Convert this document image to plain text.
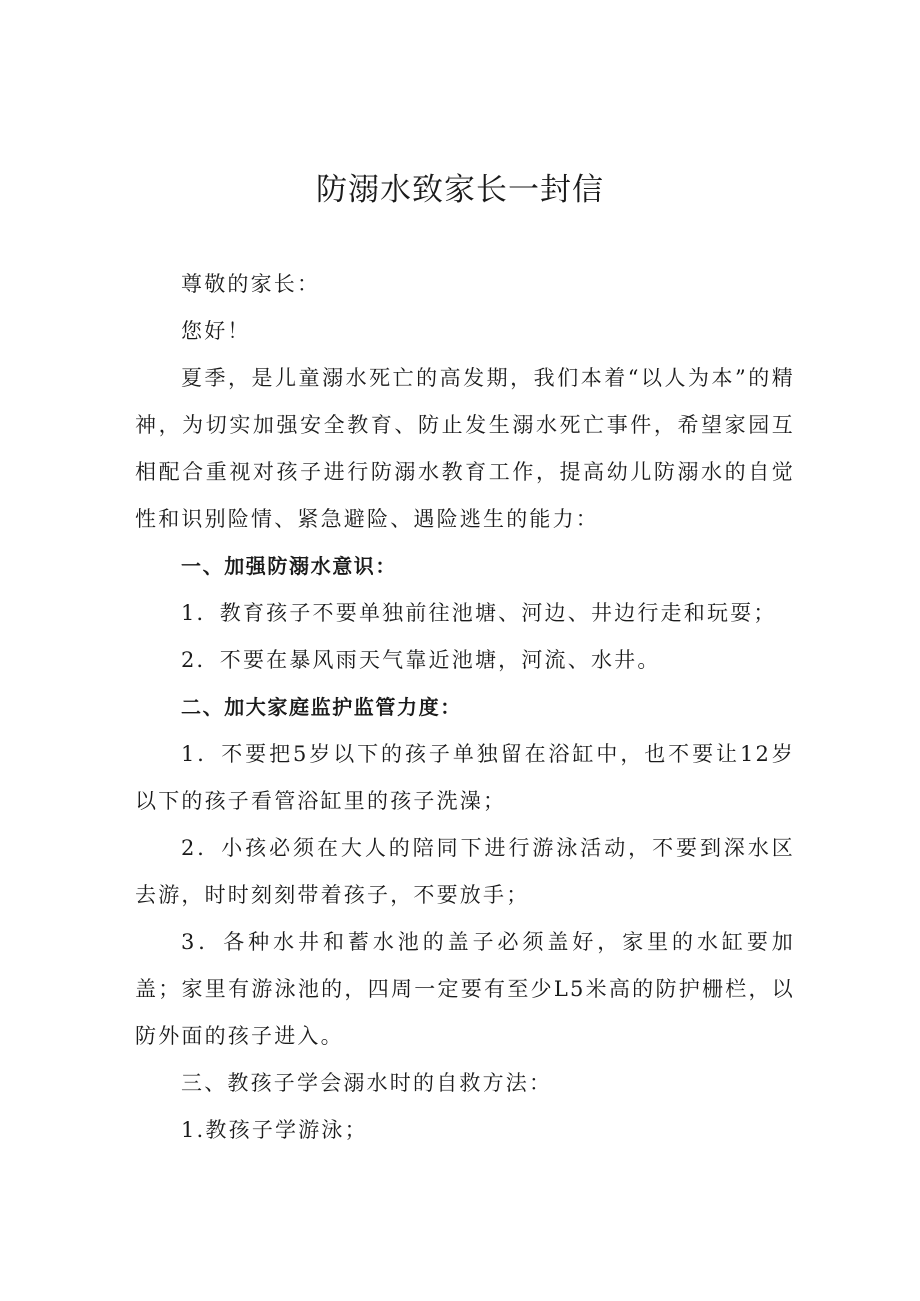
防溺水致家长一封信

尊敬的家长：

您好！

夏季，是儿童溺水死亡的高发期，我们本着“以人为本”的精神，为切实加强安全教育、防止发生溺水死亡事件，希望家园互相配合重视对孩子进行防溺水教育工作，提高幼儿防溺水的自觉性和识别险情、紧急避险、遇险逃生的能力：

一、加强防溺水意识：

1．教育孩子不要单独前往池塘、河边、井边行走和玩耍；

2．不要在暴风雨天气靠近池塘，河流、水井。

二、加大家庭监护监管力度：

1．不要把5岁以下的孩子单独留在浴缸中，也不要让12岁以下的孩子看管浴缸里的孩子洗澡；

2．小孩必须在大人的陪同下进行游泳活动，不要到深水区去游，时时刻刻带着孩子，不要放手；

3．各种水井和蓄水池的盖子必须盖好，家里的水缸要加盖；家里有游泳池的，四周一定要有至少L5米高的防护栅栏，以防外面的孩子进入。

三、教孩子学会溺水时的自救方法：

1.教孩子学游泳；
